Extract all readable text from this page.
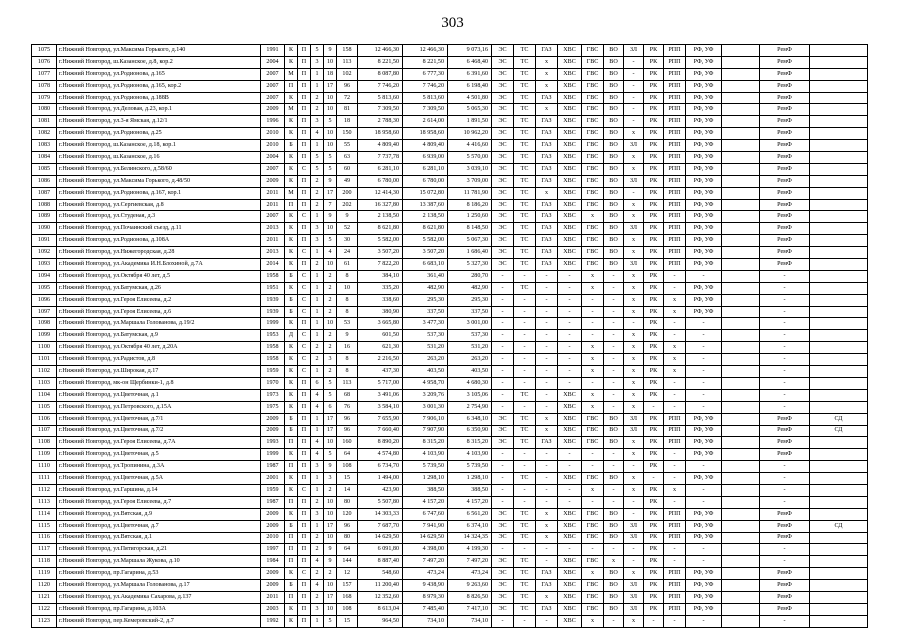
303
1075	г.Нижний Новгород, ул.Максима Горького, д.140	1991	К	П	5	9	158	12 466,30	12 466,30	9 073,16	ЭС	ТС	ГАЗ	ХВС	ГВС	ВО	ЗЛ	РК	РПП	РФ, УФ		РемФ	
1076	г.Нижний Новгород, ш.Казанское, д.8, кор.2	2004	К	П	3	10	113	8 221,50	8 221,50	6 468,40	ЭС	ТС	х	ХВС	ГВС	ВО	-	РК	РПП	РФ, УФ		РемФ	
1077	г.Нижний Новгород, ул.Родионова, д.165	2007	М	П	1	18	102	8 087,80	6 777,30	6 391,60	ЭС	ТС	х	ХВС	ГВС	ВО	-	РК	РПП	РФ, УФ		РемФ	
1078	г.Нижний Новгород, ул.Родионова, д.165, кор.2	2007	П	П	1	17	96	7 746,20	7 746,20	6 198,40	ЭС	ТС	х	ХВС	ГВС	ВО	-	РК	РПП	РФ, УФ		РемФ	
1079	г.Нижний Новгород, ул.Родионова, д.188В	2007	К	П	2	10	72	5 813,60	5 813,60	4 501,80	ЭС	ТС	ГАЗ	ХВС	ГВС	ВО	-	РК	РПП	РФ, УФ		РемФ	
1080	г.Нижний Новгород, ул.Деловая, д.23, кор.1	2009	М	П	2	10	81	7 309,50	7 309,50	5 065,30	ЭС	ТС	х	ХВС	ГВС	ВО	-	РК	РПП	РФ, УФ		РемФ	
1081	г.Нижний Новгород, ул.3-я Ямская, д.12/1	1996	К	П	3	5	18	2 788,30	2 614,00	1 891,50	ЭС	ТС	ГАЗ	ХВС	ГВС	ВО	-	РК	РПП	РФ, УФ		РемФ	
1082	г.Нижний Новгород, ул.Родионова, д.25	2010	К	П	4	10	150	18 958,60	18 958,60	10 962,20	ЭС	ТС	ГАЗ	ХВС	ГВС	ВО	х	РК	РПП	РФ, УФ		РемФ	
1083	г.Нижний Новгород, ш.Казанское, д.18, кор.1	2010	Б	П	1	10	55	4 809,40	4 809,40	4 416,60	ЭС	ТС	ГАЗ	ХВС	ГВС	ВО	ЗЛ	РК	РПП	РФ, УФ		РемФ	
1084	г.Нижний Новгород, ш.Казанское, д.16	2004	К	П	5	5	63	7 737,78	6 939,00	5 570,00	ЭС	ТС	ГАЗ	ХВС	ГВС	ВО	х	РК	РПП	РФ, УФ		РемФ	
1085	г.Нижний Новгород, ул.Белинского, д.58/60	2007	К	С	5	5	60	6 281,10	6 281,10	3 039,10	ЭС	ТС	ГАЗ	ХВС	ГВС	ВО	х	РК	РПП	РФ, УФ		РемФ	
1086	г.Нижний Новгород, ул.Максима Горького, д.48/50	2009	К	П	2	9	49	6 780,00	6 780,00	3 709,00	ЭС	ТС	ГАЗ	ХВС	ГВС	ВО	ЗЛ	РК	РПП	РФ, УФ		РемФ	
1087	г.Нижний Новгород, ул.Родионова, д.167, кор.1	2011	М	П	2	17	200	12 414,30	15 072,80	11 781,90	ЭС	ТС	х	ХВС	ГВС	ВО	-	РК	РПП	РФ, УФ		РемФ	
1088	г.Нижний Новгород, ул.Сергиевская, д.8	2011	П	П	2	7	202	16 327,80	13 387,60	8 186,20	ЭС	ТС	ГАЗ	ХВС	ГВС	ВО	х	РК	РПП	РФ, УФ		РемФ	
1089	г.Нижний Новгород, ул.Студеная, д.3	2007	К	С	1	9	9	2 138,50	2 138,50	1 250,60	ЭС	ТС	ГАЗ	ХВС	х	ВО	х	РК	РПП	РФ, УФ		РемФ	
1090	г.Нижний Новгород, ул.Почаинский съезд, д.11	2013	К	П	3	10	52	8 621,80	8 621,80	8 148,50	ЭС	ТС	ГАЗ	ХВС	ГВС	ВО	ЗЛ	РК	РПП	РФ, УФ		РемФ	
1091	г.Нижний Новгород, ул.Родионова, д.108А	2011	К	П	3	5	30	5 582,00	5 582,00	5 067,30	ЭС	ТС	ГАЗ	ХВС	ГВС	ВО	х	РК	РПП	РФ, УФ		РемФ	
1092	г.Нижний Новгород, ул.Нижегородская, д.28	2013	К	С	1	4	24	3 507,20	3 507,20	1 686,40	ЭС	ТС	ГАЗ	ХВС	ГВС	ВО	х	РК	РПП	РФ, УФ		РемФ	
1093	г.Нижний Новгород, ул.Академика И.Н.Блохиной, д.7А	2014	К	П	2	10	61	7 822,20	6 683,10	5 327,30	ЭС	ТС	ГАЗ	ХВС	ГВС	ВО	ЗЛ	РК	РПП	РФ, УФ		РемФ	
1094	г.Нижний Новгород, ул.Октября 40 лет, д.5	1958	Б	С	1	2	8	384,10	361,40	280,70	-	-	-	-	х	-	х	РК	-	-		-	
1095	г.Нижний Новгород, ул.Батумская, д.26	1951	К	С	1	2	10	335,20	482,90	482,90	-	ТС	-	-	х	-	х	РК	-	РФ, УФ		-	
1096	г.Нижний Новгород, ул.Героя Елисеева, д.2	1939	Б	С	1	2	8	338,60	295,30	295,30	-	-	-	-	-	-	х	РК	х	РФ, УФ		-	
1097	г.Нижний Новгород, ул.Героя Елисеева, д.6	1939	Б	С	1	2	8	380,90	337,50	337,50	-	-	-	-	-	-	х	РК	х	РФ, УФ		-	
1098	г.Нижний Новгород, ул.Маршала Голованова, д.19/2	1999	К	П	1	10	53	3 665,80	3 477,30	3 001,00	-	-	-	-	-	-	-	РК	-	-		-	
1099	г.Нижний Новгород, ул.Батумская, д.9	1953	Д	С	1	2	9	601,50	537,30	537,30	-	-	-	-	-	-	х	РК	-	-		-	
1100	г.Нижний Новгород, ул.Октября 40 лет, д.20А	1958	К	С	2	2	16	621,30	531,20	531,20	-	-	-	-	х	-	х	РК	х	-		-	
1101	г.Нижний Новгород, ул.Радистов, д.8	1958	К	С	2	3	8	2 216,50	263,20	263,20	-	-	-	-	х	-	х	РК	х	-		-	
1102	г.Нижний Новгород, ул.Широкая, д.17	1959	К	С	1	2	8	437,30	403,50	403,50	-	-	-	-	х	-	х	РК	х	-		-	
1103	г.Нижний Новгород, мк-он Щербинки-1, д.8	1970	К	П	6	5	113	5 717,00	4 958,70	4 680,30	-	-	-	-	-	-	х	РК	-	-		-	
1104	г.Нижний Новгород, ул.Цветочная, д.1	1973	К	П	4	5	68	3 491,06	3 209,76	3 105,06	-	ТС	-	ХВС	х	-	х	РК	-	-		-	
1105	г.Нижний Новгород, ул.Петровского, д.15А	1975	К	П	4	6	76	3 584,10	3 001,30	2 754,90	-	-	-	ХВС	х	-	х	-	-	-		-	
1106	г.Нижний Новгород, ул.Цветочная, д.7/1	2009	Б	П	1	17	96	7 655,90	7 906,10	6 348,10	ЭС	ТС	х	ХВС	ГВС	ВО	ЗЛ	РК	РПП	РФ, УФ		РемФ	СД
1107	г.Нижний Новгород, ул.Цветочная, д.7/2	2009	Б	П	1	17	96	7 660,40	7 907,90	6 350,90	ЭС	ТС	х	ХВС	ГВС	ВО	ЗЛ	РК	РПП	РФ, УФ		РемФ	СД
1108	г.Нижний Новгород, ул.Героя Елисеева, д.7А	1993	П	П	4	10	160	8 890,20	8 315,20	8 315,20	ЭС	ТС	ГАЗ	ХВС	ГВС	ВО	х	РК	РПП	РФ, УФ		РемФ	
1109	г.Нижний Новгород, ул.Цветочная, д.5	1999	К	П	4	5	64	4 574,80	4 103,90	4 103,90	-	-	-	-	-	-	х	РК	-	РФ, УФ		РемФ	
1110	г.Нижний Новгород, ул.Тропинина, д.3А	1987	П	П	3	9	108	6 734,70	5 739,50	5 739,50	-	-	-	-	-	-	-	РК	-	-		-	
1111	г.Нижний Новгород, ул.Цветочная, д.5А	2001	К	П	1	3	15	1 494,00	1 298,10	1 298,10	-	ТС	-	ХВС	ГВС	ВО	х	-	-	РФ, УФ		-	
1112	г.Нижний Новгород, ул.Гаршина, д.14	1959	К	С	1	2	14	423,90	388,50	388,50	-	-	-	-	х	-	х	РК	х	-		-	
1113	г.Нижний Новгород, ул.Героя Елисеева, д.7	1987	П	П	2	10	80	5 507,80	4 157,20	4 157,20	-	-	-	-	-	-	-	РК	-	-		-	
1114	г.Нижний Новгород, ул.Вятская, д.9	2009	К	П	3	10	120	14 303,33	6 747,60	6 561,20	ЭС	ТС	х	ХВС	ГВС	ВО	-	РК	РПП	РФ, УФ		РемФ	
1115	г.Нижний Новгород, ул.Цветочная, д.7	2009	Б	П	1	17	96	7 687,70	7 941,90	6 374,10	ЭС	ТС	х	ХВС	ГВС	ВО	ЗЛ	РК	РПП	РФ, УФ		РемФ	СД
1116	г.Нижний Новгород, ул.Вятская, д.1	2010	П	П	2	10	80	14 629,50	14 629,50	14 324,35	ЭС	ТС	х	ХВС	ГВС	ВО	ЗЛ	РК	РПП	РФ, УФ		РемФ	
1117	г.Нижний Новгород, ул.Пятигорская, д.21	1997	П	П	2	9	64	6 091,80	4 398,00	4 199,30	-	-	-	-	-	-	-	РК	-	-		-	
1118	г.Нижний Новгород, ул.Маршала Жукова, д.10	1984	П	П	4	9	144	8 887,40	7 497,20	7 497,20	ЭС	ТС	-	ХВС	ГВС	х	-	РК	-	-		-	
1119	г.Нижний Новгород, пр.Гагарина, д.53	2009	К	С	2	2	12	548,60	473,24	473,24	ЭС	ТС	ГАЗ	ХВС	х	ВО	х	РК	РПП	РФ, УФ		РемФ	
1120	г.Нижний Новгород, ул.Маршала Голованова, д.17	2009	Б	П	4	10	157	11 200,40	9 438,90	9 263,60	ЭС	ТС	ГАЗ	ХВС	ГВС	ВО	ЗЛ	РК	РПП	РФ, УФ		РемФ	
1121	г.Нижний Новгород, ул.Академика Сахарова, д.137	2011	П	П	2	17	168	12 352,60	8 979,30	8 826,50	ЭС	ТС	х	ХВС	ГВС	ВО	ЗЛ	РК	РПП	РФ, УФ		РемФ	
1122	г.Нижний Новгород, пр.Гагарина, д.103А	2003	К	П	3	10	108	8 613,04	7 485,40	7 417,10	ЭС	ТС	ГАЗ	ХВС	ГВС	ВО	ЗЛ	РК	РПП	РФ, УФ		РемФ	
1123	г.Нижний Новгород, пер.Кемеровский-2, д.7	1992	К	П	1	5	15	964,50	734,10	734,10	-	-	-	ХВС	х	-	х	-	-	-		-	
